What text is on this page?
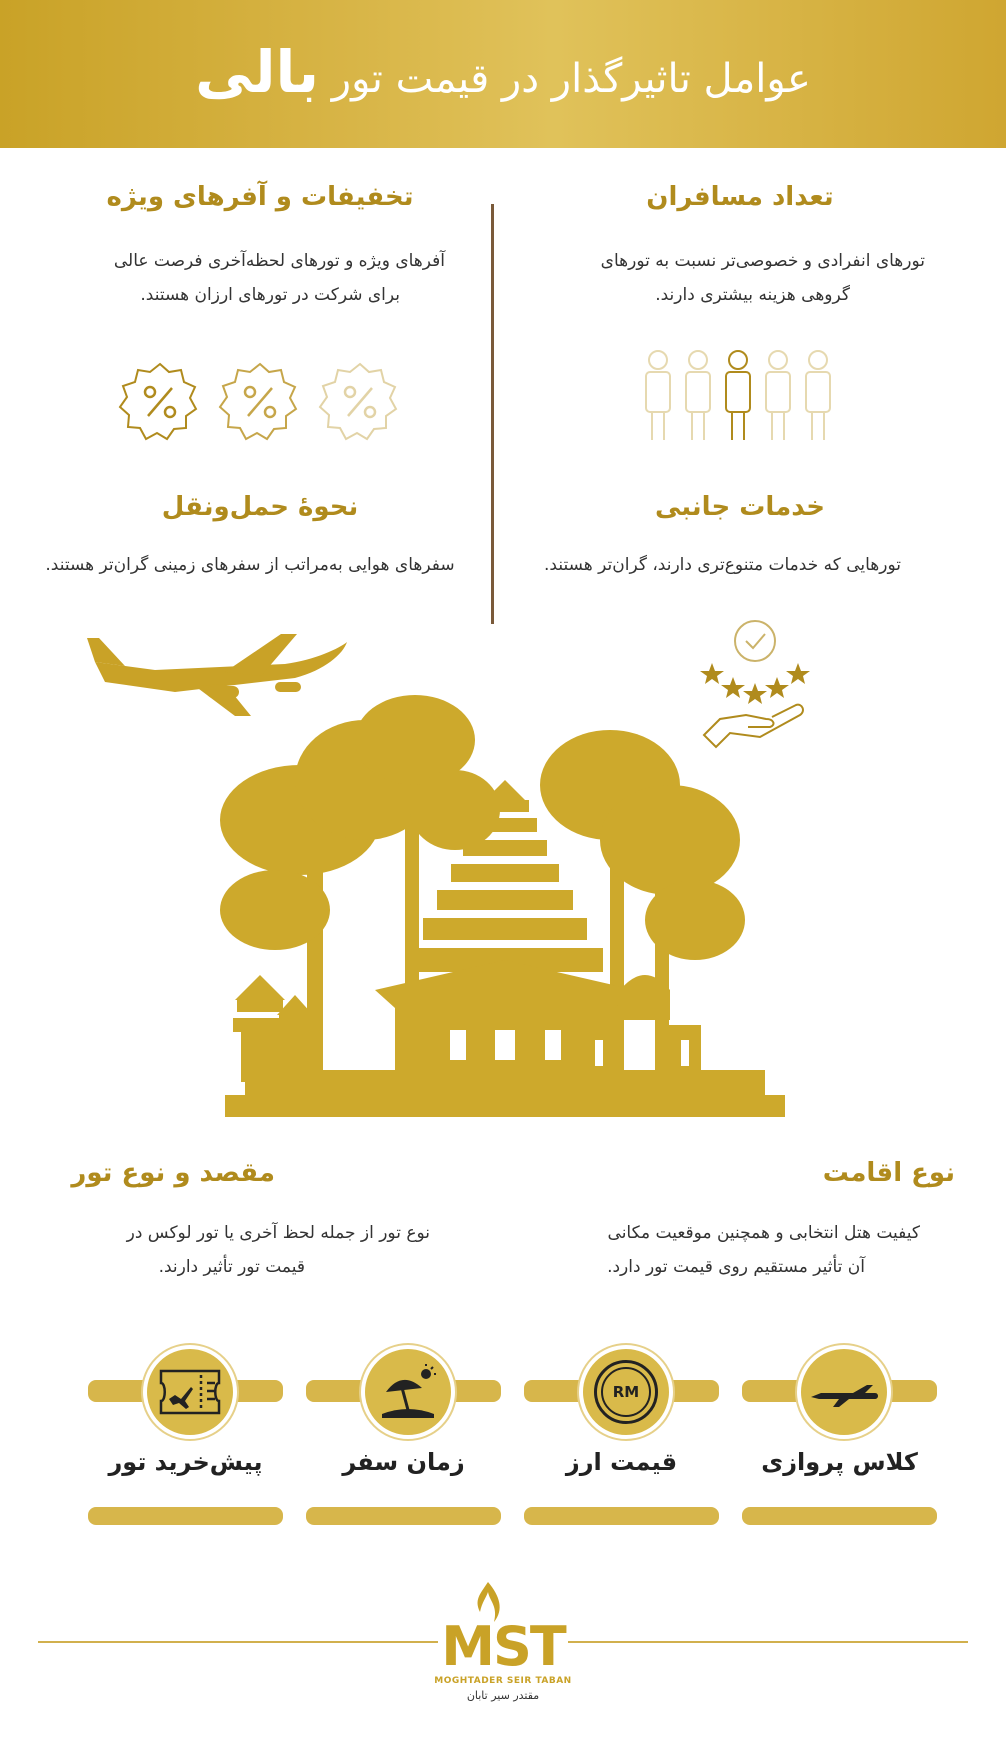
عوامل تاثیرگذار در قیمت تور بالی
تعداد مسافران
تورهای انفرادی و خصوصی‌تر نسبت به تورهای
گروهی هزینه بیشتری دارند.
تخفیفات و آفرهای ویژه
آفرهای ویژه و تورهای لحظه‌آخری فرصت عالی
برای شرکت در تورهای ارزان هستند.
خدمات جانبی
تورهایی که خدمات متنوع‌تری دارند، گران‌تر هستند.
نحوۀ حمل‌ونقل
سفرهای هوایی به‌مراتب از سفرهای زمینی گران‌تر هستند.
نوع اقامت
کیفیت هتل انتخابی و همچنین موقعیت مکانی
آن تأثیر مستقیم روی قیمت تور دارد.
مقصد و نوع تور
نوع تور از جمله لحظ آخری یا تور لوکس در
قیمت تور تأثیر دارند.
کلاس پروازی
RM
قیمت ارز
زمان سفر
پیش‌خرید تور
MST
MOGHTADER SEIR TABAN
مقتدر سیر تابان
